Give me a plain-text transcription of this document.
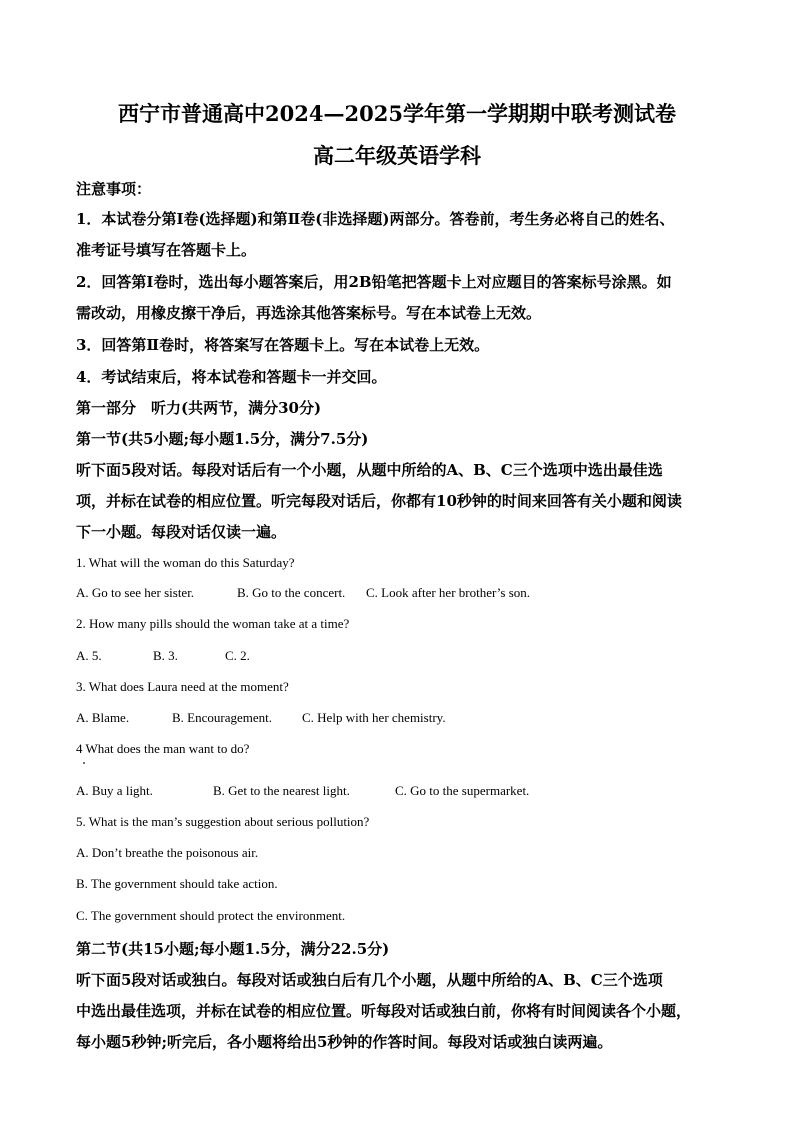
西宁市普通高中2024—2025学年第一学期期中联考测试卷
高二年级英语学科
注意事项：
1．本试卷分第Ⅰ卷(选择题)和第Ⅱ卷(非选择题)两部分。答卷前，考生务必将自己的姓名、
准考证号填写在答题卡上。
2．回答第Ⅰ卷时，选出每小题答案后，用2B铅笔把答题卡上对应题目的答案标号涂黑。如
需改动，用橡皮擦干净后，再选涂其他答案标号。写在本试卷上无效。
3．回答第Ⅱ卷时，将答案写在答题卡上。写在本试卷上无效。
4．考试结束后，将本试卷和答题卡一并交回。
第一部分　听力(共两节，满分30分)
第一节(共5小题;每小题1.5分，满分7.5分)
听下面5段对话。每段对话后有一个小题，从题中所给的A、B、C三个选项中选出最佳选
项，并标在试卷的相应位置。听完每段对话后，你都有10秒钟的时间来回答有关小题和阅读
下一小题。每段对话仅读一遍。
1. What will the woman do this Saturday?
A. Go to see her sister.	B. Go to the concert. C. Look after her brother’s son.
2. How many pills should the woman take at a time?
A. 5.	B. 3.	C. 2.
3. What does Laura need at the moment?
A. Blame.	B. Encouragement. C. Help with her chemistry.
4 What does the man want to do?
A. Buy a light.	B. Get to the nearest light.	C. Go to the supermarket.
5. What is the man’s suggestion about serious pollution?
A. Don’t breathe the poisonous air.
B. The government should take action.
C. The government should protect the environment.
第二节(共15小题;每小题1.5分，满分22.5分)
听下面5段对话或独白。每段对话或独白后有几个小题，从题中所给的A、B、C三个选项
中选出最佳选项，并标在试卷的相应位置。听每段对话或独白前，你将有时间阅读各个小题，
每小题5秒钟;听完后，各小题将给出5秒钟的作答时间。每段对话或独白读两遍。
